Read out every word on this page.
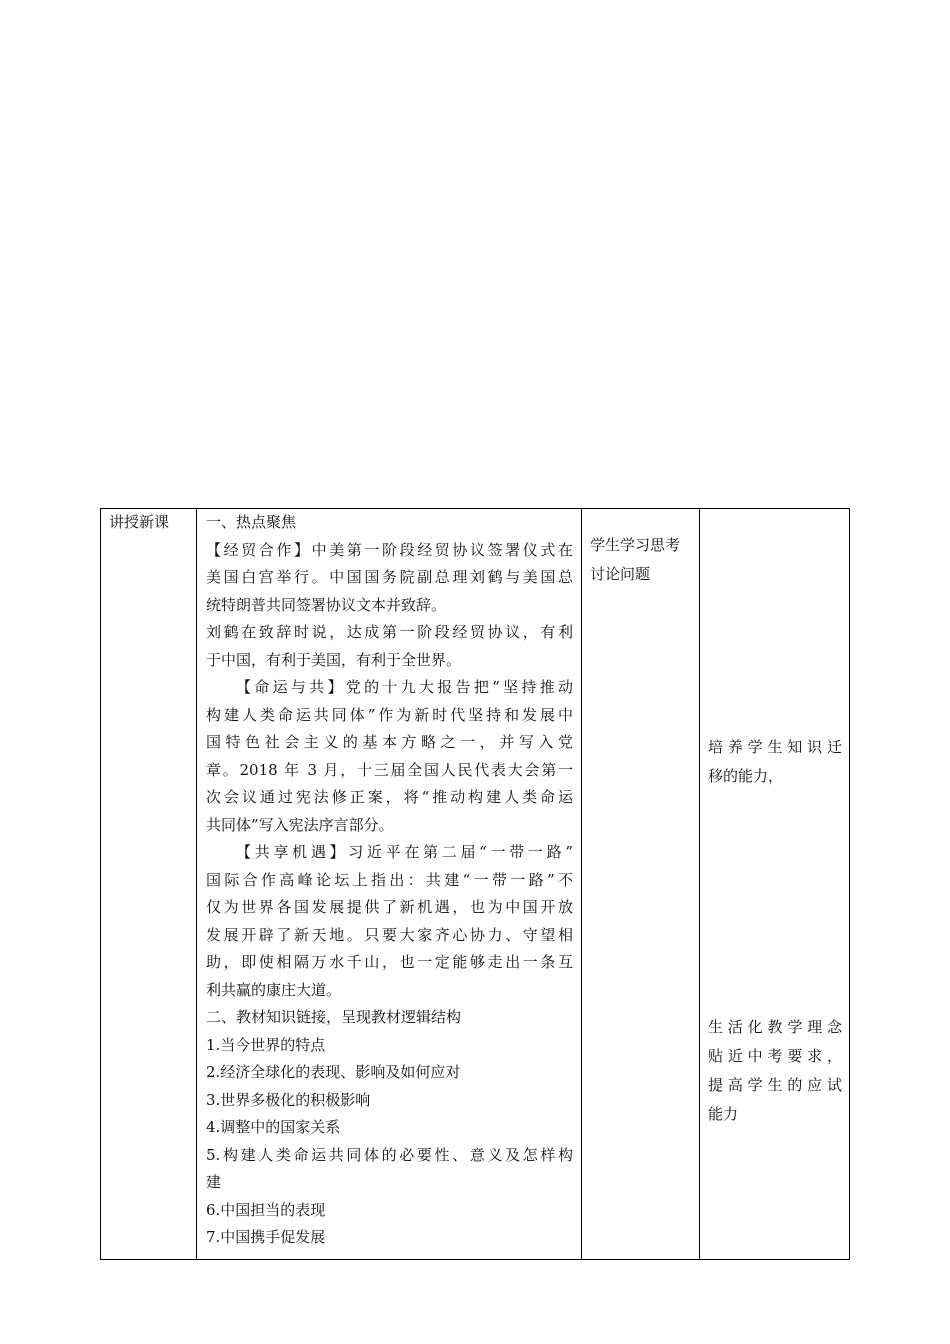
讲授新课	一、热点聚焦
【经贸合作】中美第一阶段经贸协议签署仪式在
美国白宫举行。中国国务院副总理刘鹤与美国总
统特朗普共同签署协议文本并致辞。
刘鹤在致辞时说，达成第一阶段经贸协议，有利
于中国，有利于美国，有利于全世界。
【命运与共】党的十九大报告把“坚持推动
构建人类命运共同体”作为新时代坚持和发展中
国特色社会主义的基本方略之一，并写入党
章。2018 年 3 月，十三届全国人民代表大会第一
次会议通过宪法修正案，将“推动构建人类命运
共同体”写入宪法序言部分。
【共享机遇】习近平在第二届“一带一路”
国际合作高峰论坛上指出：共建“一带一路”不
仅为世界各国发展提供了新机遇，也为中国开放
发展开辟了新天地。只要大家齐心协力、守望相
助，即使相隔万水千山，也一定能够走出一条互
利共赢的康庄大道。
二、教材知识链接，呈现教材逻辑结构
1.当今世界的特点
2.经济全球化的表现、影响及如何应对
3.世界多极化的积极影响
4.调整中的国家关系
5.构建人类命运共同体的必要性、意义及怎样构
建
6.中国担当的表现
7.中国携手促发展
学生学习思考
讨论问题
培养学生知识迁
移的能力，
生活化教学理念
贴近中考要求，
提高学生的应试
能力
